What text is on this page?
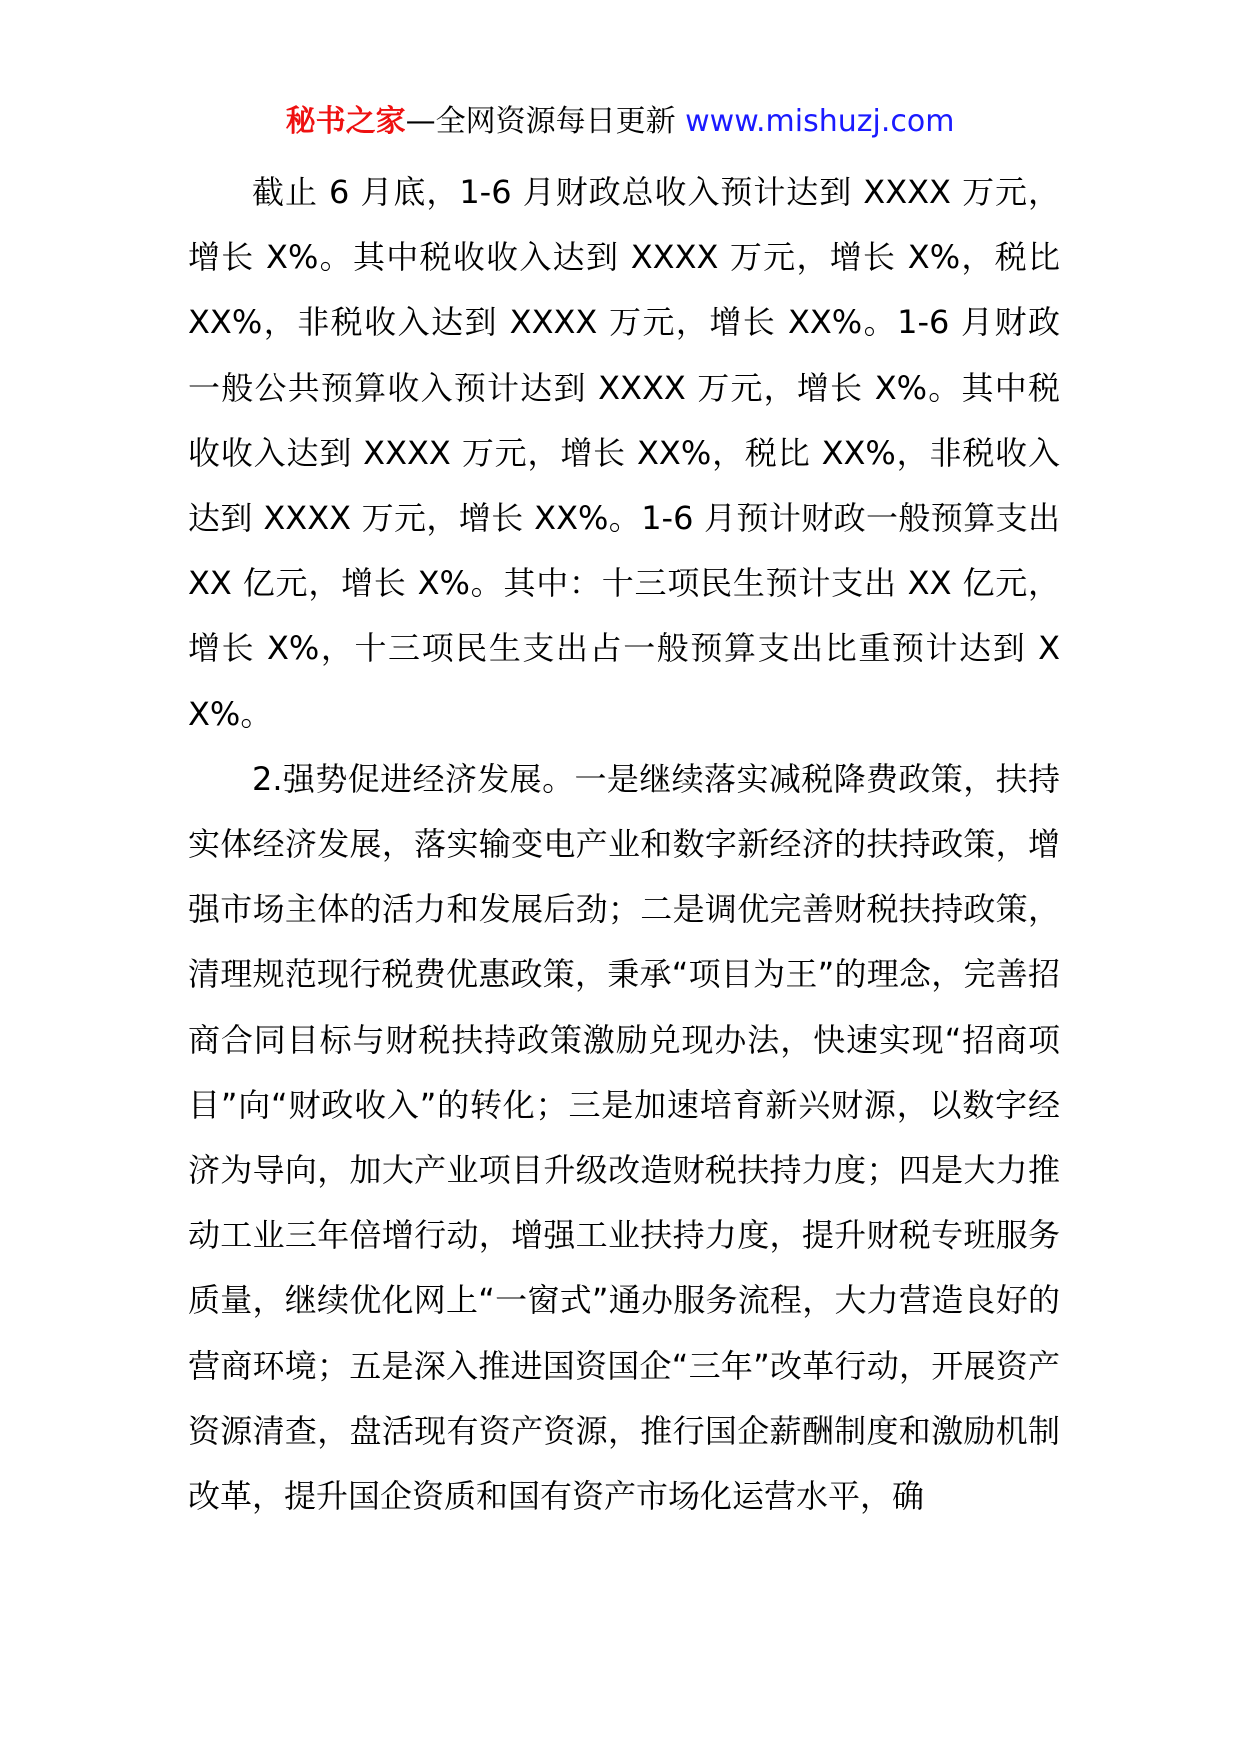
秘书之家—全网资源每日更新 www.mishuzj.com

截止 6 月底，1-6 月财政总收入预计达到 XXXX 万元，增长 X%。其中税收收入达到 XXXX 万元，增长 X%，税比 XX%，非税收入达到 XXXX 万元，增长 XX%。1-6 月财政一般公共预算收入预计达到 XXXX 万元，增长 X%。其中税收收入达到 XXXX 万元，增长 XX%，税比 XX%，非税收入达到 XXXX 万元，增长 XX%。1-6 月预计财政一般预算支出 XX 亿元，增长 X%。其中：十三项民生预计支出 XX 亿元，增长 X%，十三项民生支出占一般预算支出比重预计达到 XX%。

2.强势促进经济发展。一是继续落实减税降费政策，扶持实体经济发展，落实输变电产业和数字新经济的扶持政策，增强市场主体的活力和发展后劲；二是调优完善财税扶持政策，清理规范现行税费优惠政策，秉承“项目为王”的理念，完善招商合同目标与财税扶持政策激励兑现办法，快速实现“招商项目”向“财政收入”的转化；三是加速培育新兴财源，以数字经济为导向，加大产业项目升级改造财税扶持力度；四是大力推动工业三年倍增行动，增强工业扶持力度，提升财税专班服务质量，继续优化网上“一窗式”通办服务流程，大力营造良好的营商环境；五是深入推进国资国企“三年”改革行动，开展资产资源清查，盘活现有资产资源，推行国企薪酬制度和激励机制改革，提升国企资质和国有资产市场化运营水平，确
